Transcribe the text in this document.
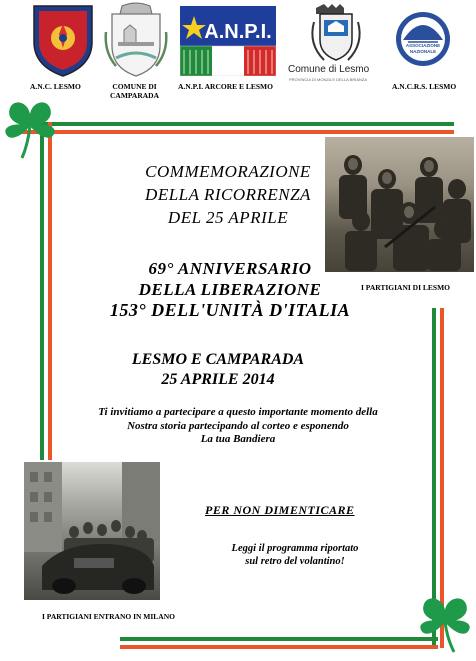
A.N.C. LESMO	COMUNE DI
CAMPARADA
A.N.P.I.
A.N.P.I. ARCORE E LESMO
Comune di Lesmo
PROVINCIA DI MONZA E DELLA BRIANZA
ASSOCIAZIONE
NAZIONALE
A.N.C.R.S. LESMO
I PARTIGIANI DI LESMO
I PARTIGIANI ENTRANO IN MILANO
COMMEMORAZIONE
DELLA RICORRENZA
DEL 25 APRILE
69° ANNIVERSARIO
DELLA LIBERAZIONE
153° DELL'UNITÀ D'ITALIA
LESMO E CAMPARADA
25 APRILE 2014
Ti invitiamo a partecipare a questo importante momento della
Nostra storia partecipando al corteo e esponendo
La tua Bandiera
PER NON DIMENTICARE
Leggi il programma riportato
sul retro del volantino!
